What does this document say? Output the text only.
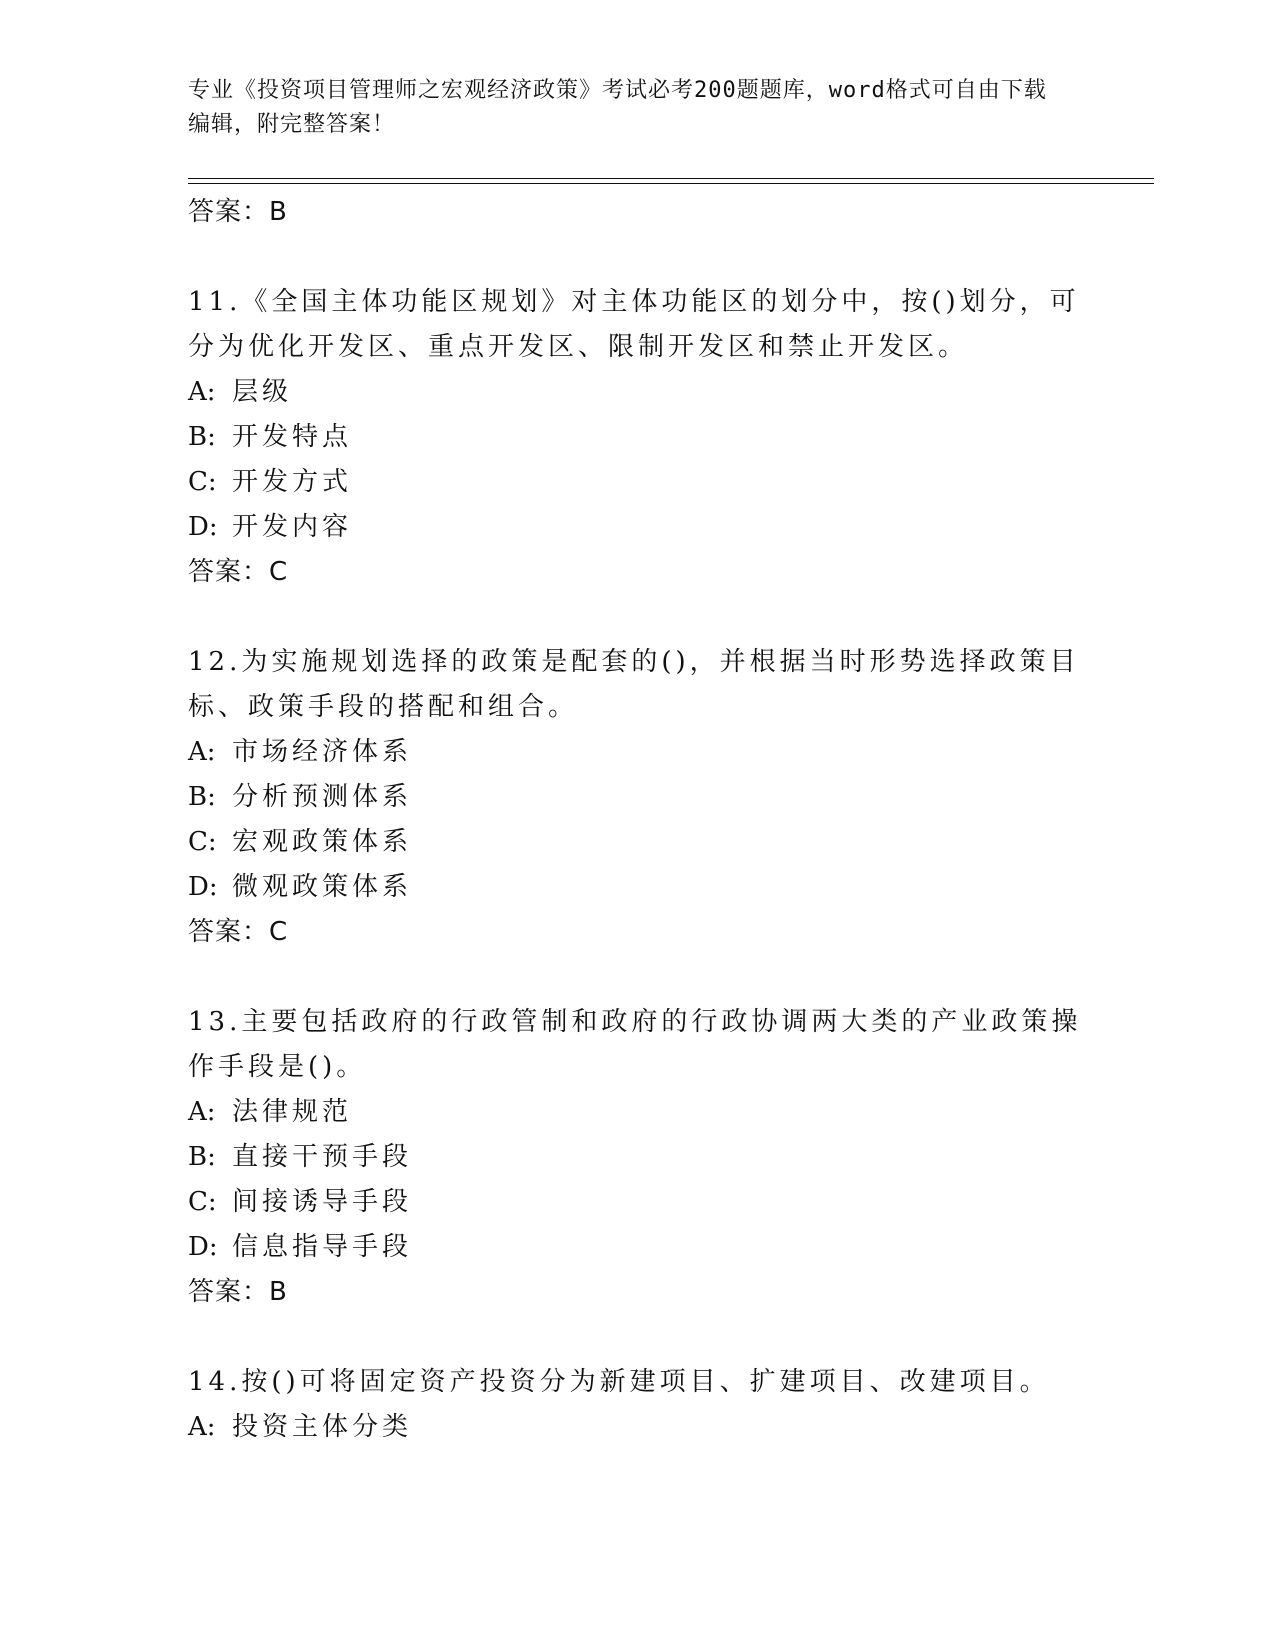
专业《投资项目管理师之宏观经济政策》考试必考200题题库，word格式可自由下载编辑，附完整答案！
答案：B
11.《全国主体功能区规划》对主体功能区的划分中，按()划分，可分为优化开发区、重点开发区、限制开发区和禁止开发区。
A: 层级
B: 开发特点
C: 开发方式
D: 开发内容
答案：C
12.为实施规划选择的政策是配套的()，并根据当时形势选择政策目标、政策手段的搭配和组合。
A: 市场经济体系
B: 分析预测体系
C: 宏观政策体系
D: 微观政策体系
答案：C
13.主要包括政府的行政管制和政府的行政协调两大类的产业政策操作手段是()。
A: 法律规范
B: 直接干预手段
C: 间接诱导手段
D: 信息指导手段
答案：B
14.按()可将固定资产投资分为新建项目、扩建项目、改建项目。
A: 投资主体分类
